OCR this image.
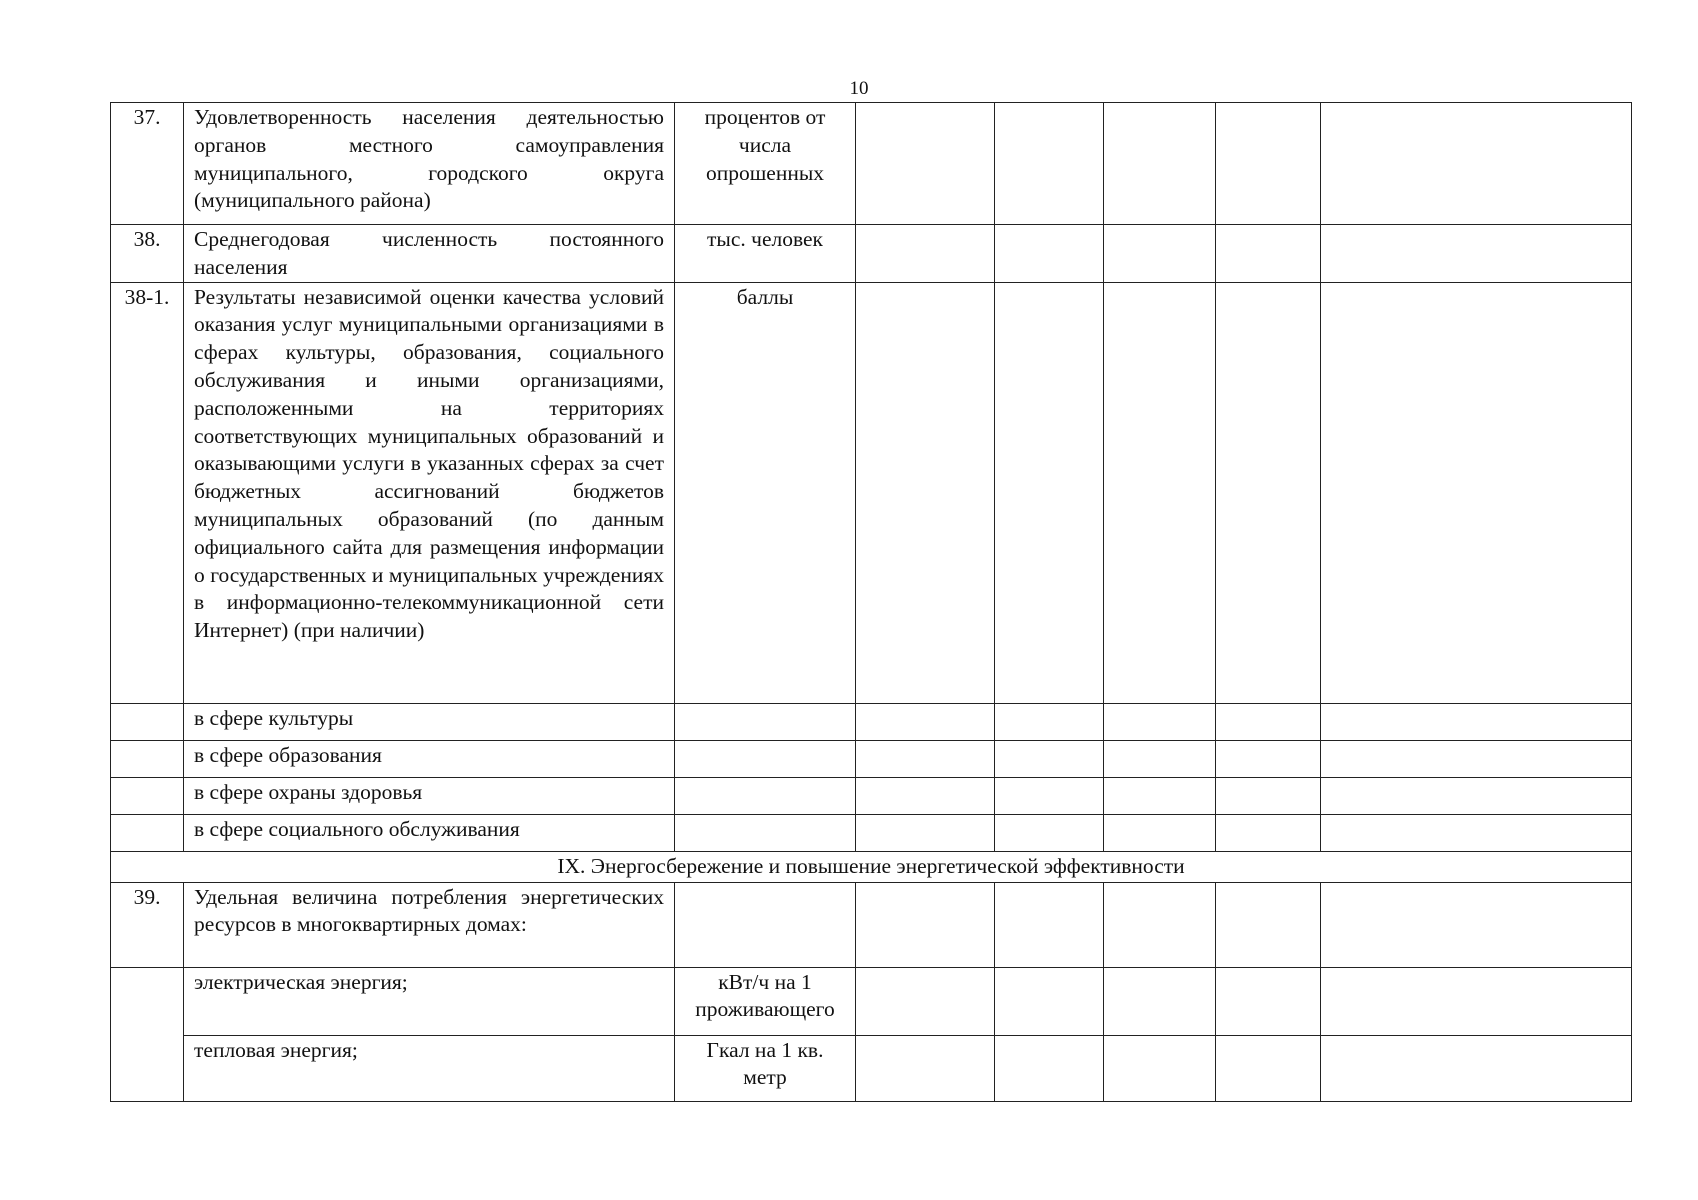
10
37.	Удовлетворенность населения деятельностью органов местного самоуправления муниципального, городского округа (муниципального района)	процентов от числа опрошенных					
38.	Среднегодовая численность постоянного населения	тыс. человек					
38-1.	Результаты независимой оценки качества условий оказания услуг муниципальными организациями в сферах культуры, образования, социального обслуживания и иными организациями, расположенными на территориях соответствующих муниципальных образований и оказывающими услуги в указанных сферах за счет бюджетных ассигнований бюджетов муниципальных образований (по данным официального сайта для размещения информации о государственных и муниципальных учреждениях в информационно-телекоммуникационной сети Интернет) (при наличии)	баллы					
	в сфере культуры						
	в сфере образования						
	в сфере охраны здоровья						
	в сфере социального обслуживания						
IX. Энергосбережение и повышение энергетической эффективности							
39.	Удельная величина потребления энергетических ресурсов в многоквартирных домах:						
	электрическая энергия;	кВт/ч на 1 проживающего					
	тепловая энергия;	Гкал на 1 кв. метр					
